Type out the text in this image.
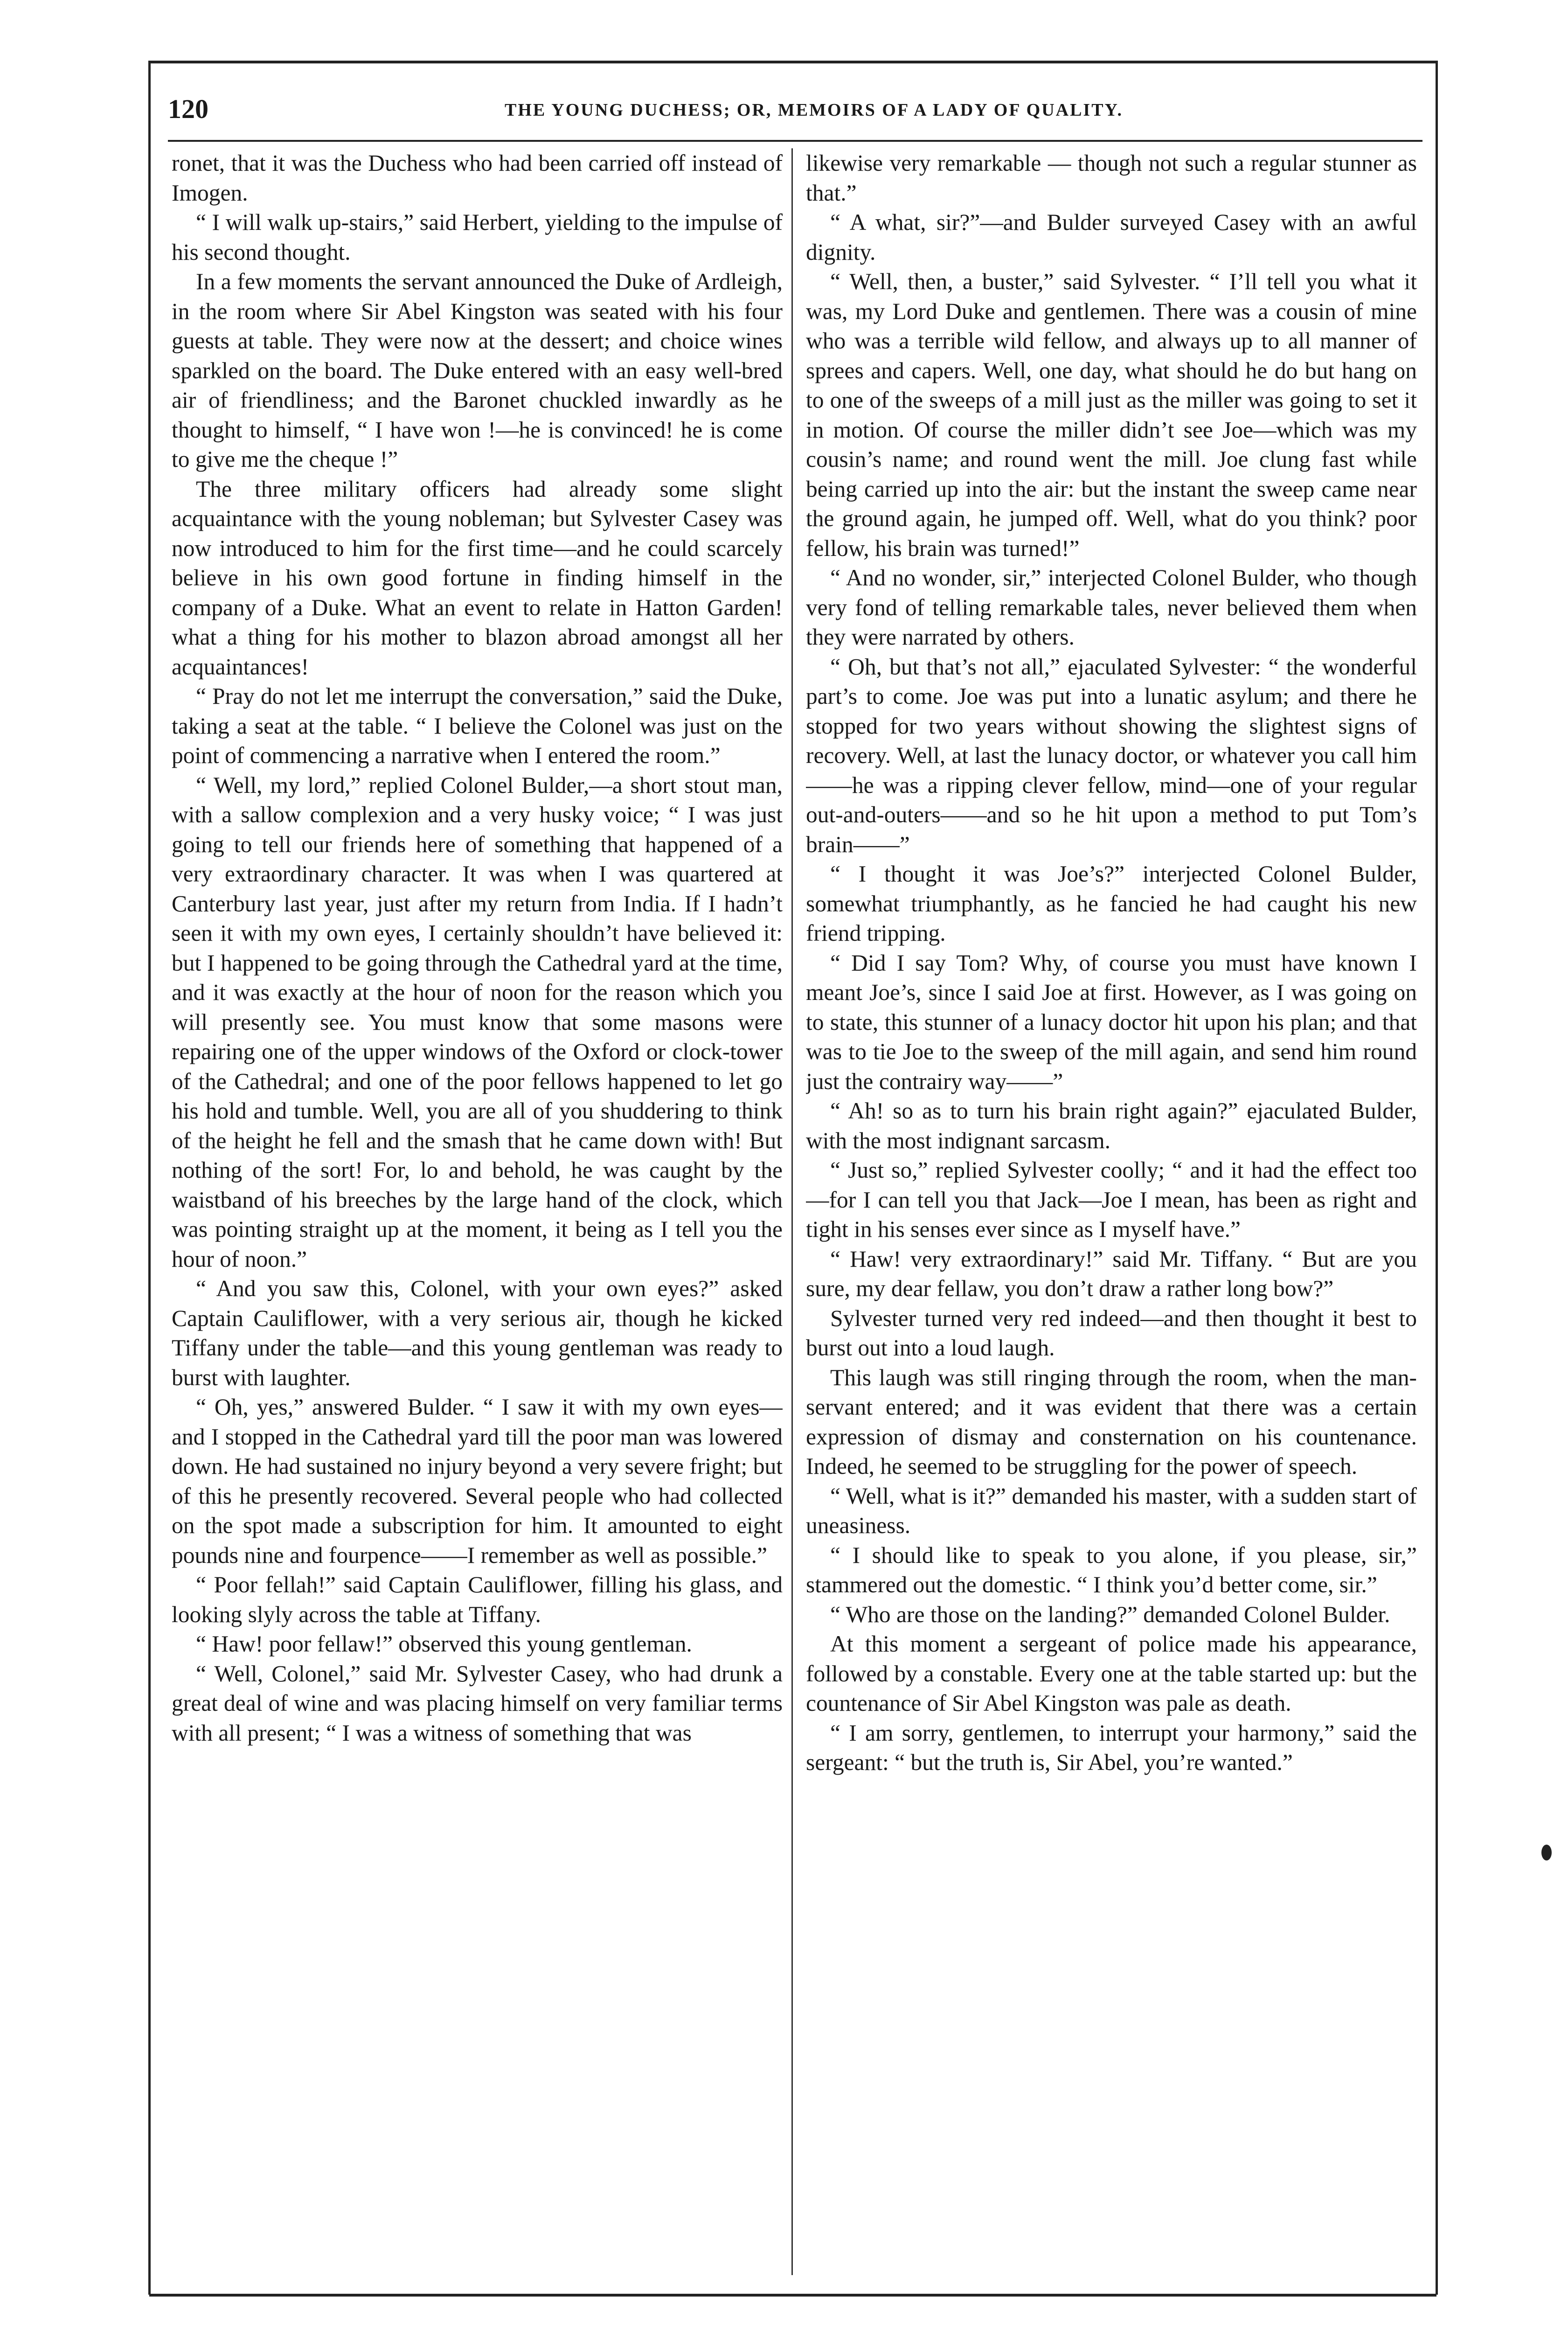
120	THE YOUNG DUCHESS; OR, MEMOIRS OF A LADY OF QUALITY.

ronet, that it was the Duchess who had been carried off instead of Imogen.

“ I will walk up-stairs,” said Herbert, yielding to the impulse of his second thought.

In a few moments the servant announced the Duke of Ardleigh, in the room where Sir Abel Kingston was seated with his four guests at table. They were now at the dessert; and choice wines sparkled on the board. The Duke entered with an easy well-bred air of friendliness; and the Baronet chuckled inwardly as he thought to himself, “ I have won !—he is convinced! he is come to give me the cheque !”

The three military officers had already some slight acquaintance with the young nobleman; but Sylvester Casey was now introduced to him for the first time—and he could scarcely believe in his own good fortune in finding himself in the company of a Duke. What an event to relate in Hatton Garden! what a thing for his mother to blazon abroad amongst all her acquaintances!

“ Pray do not let me interrupt the conversation,” said the Duke, taking a seat at the table. “ I believe the Colonel was just on the point of commencing a narrative when I entered the room.”

“ Well, my lord,” replied Colonel Bulder,—a short stout man, with a sallow complexion and a very husky voice; “ I was just going to tell our friends here of something that happened of a very extraordinary character. It was when I was quartered at Canterbury last year, just after my return from India. If I hadn’t seen it with my own eyes, I certainly shouldn’t have believed it: but I happened to be going through the Cathedral yard at the time, and it was exactly at the hour of noon for the reason which you will presently see. You must know that some masons were repairing one of the upper windows of the Oxford or clock-tower of the Cathedral; and one of the poor fellows happened to let go his hold and tumble. Well, you are all of you shuddering to think of the height he fell and the smash that he came down with! But nothing of the sort! For, lo and behold, he was caught by the waistband of his breeches by the large hand of the clock, which was pointing straight up at the moment, it being as I tell you the hour of noon.”

“ And you saw this, Colonel, with your own eyes?” asked Captain Cauliflower, with a very serious air, though he kicked Tiffany under the table—and this young gentleman was ready to burst with laughter.

“ Oh, yes,” answered Bulder. “ I saw it with my own eyes—and I stopped in the Cathedral yard till the poor man was lowered down. He had sustained no injury beyond a very severe fright; but of this he presently recovered. Several people who had collected on the spot made a subscription for him. It amounted to eight pounds nine and fourpence——I remember as well as possible.”

“ Poor fellah!” said Captain Cauliflower, filling his glass, and looking slyly across the table at Tiffany.

“ Haw! poor fellaw!” observed this young gentleman.

“ Well, Colonel,” said Mr. Sylvester Casey, who had drunk a great deal of wine and was placing himself on very familiar terms with all present; “ I was a witness of something that was

likewise very remarkable — though not such a regular stunner as that.”

“ A what, sir?”—and Bulder surveyed Casey with an awful dignity.

“ Well, then, a buster,” said Sylvester. “ I’ll tell you what it was, my Lord Duke and gentlemen. There was a cousin of mine who was a terrible wild fellow, and always up to all manner of sprees and capers. Well, one day, what should he do but hang on to one of the sweeps of a mill just as the miller was going to set it in motion. Of course the miller didn’t see Joe—which was my cousin’s name; and round went the mill. Joe clung fast while being carried up into the air: but the instant the sweep came near the ground again, he jumped off. Well, what do you think? poor fellow, his brain was turned!”

“ And no wonder, sir,” interjected Colonel Bulder, who though very fond of telling remarkable tales, never believed them when they were narrated by others.

“ Oh, but that’s not all,” ejaculated Sylvester: “ the wonderful part’s to come. Joe was put into a lunatic asylum; and there he stopped for two years without showing the slightest signs of recovery. Well, at last the lunacy doctor, or whatever you call him——he was a ripping clever fellow, mind—one of your regular out-and-outers——and so he hit upon a method to put Tom’s brain——”

“ I thought it was Joe’s?” interjected Colonel Bulder, somewhat triumphantly, as he fancied he had caught his new friend tripping.

“ Did I say Tom? Why, of course you must have known I meant Joe’s, since I said Joe at first. However, as I was going on to state, this stunner of a lunacy doctor hit upon his plan; and that was to tie Joe to the sweep of the mill again, and send him round just the contrairy way——”

“ Ah! so as to turn his brain right again?” ejaculated Bulder, with the most indignant sarcasm.

“ Just so,” replied Sylvester coolly; “ and it had the effect too—for I can tell you that Jack—Joe I mean, has been as right and tight in his senses ever since as I myself have.”

“ Haw! very extraordinary!” said Mr. Tiffany. “ But are you sure, my dear fellaw, you don’t draw a rather long bow?”

Sylvester turned very red indeed—and then thought it best to burst out into a loud laugh.

This laugh was still ringing through the room, when the man-servant entered; and it was evident that there was a certain expression of dismay and consternation on his countenance. Indeed, he seemed to be struggling for the power of speech.

“ Well, what is it?” demanded his master, with a sudden start of uneasiness.

“ I should like to speak to you alone, if you please, sir,” stammered out the domestic. “ I think you’d better come, sir.”

“ Who are those on the landing?” demanded Colonel Bulder.

At this moment a sergeant of police made his appearance, followed by a constable. Every one at the table started up: but the countenance of Sir Abel Kingston was pale as death.

“ I am sorry, gentlemen, to interrupt your harmony,” said the sergeant: “ but the truth is, Sir Abel, you’re wanted.”
